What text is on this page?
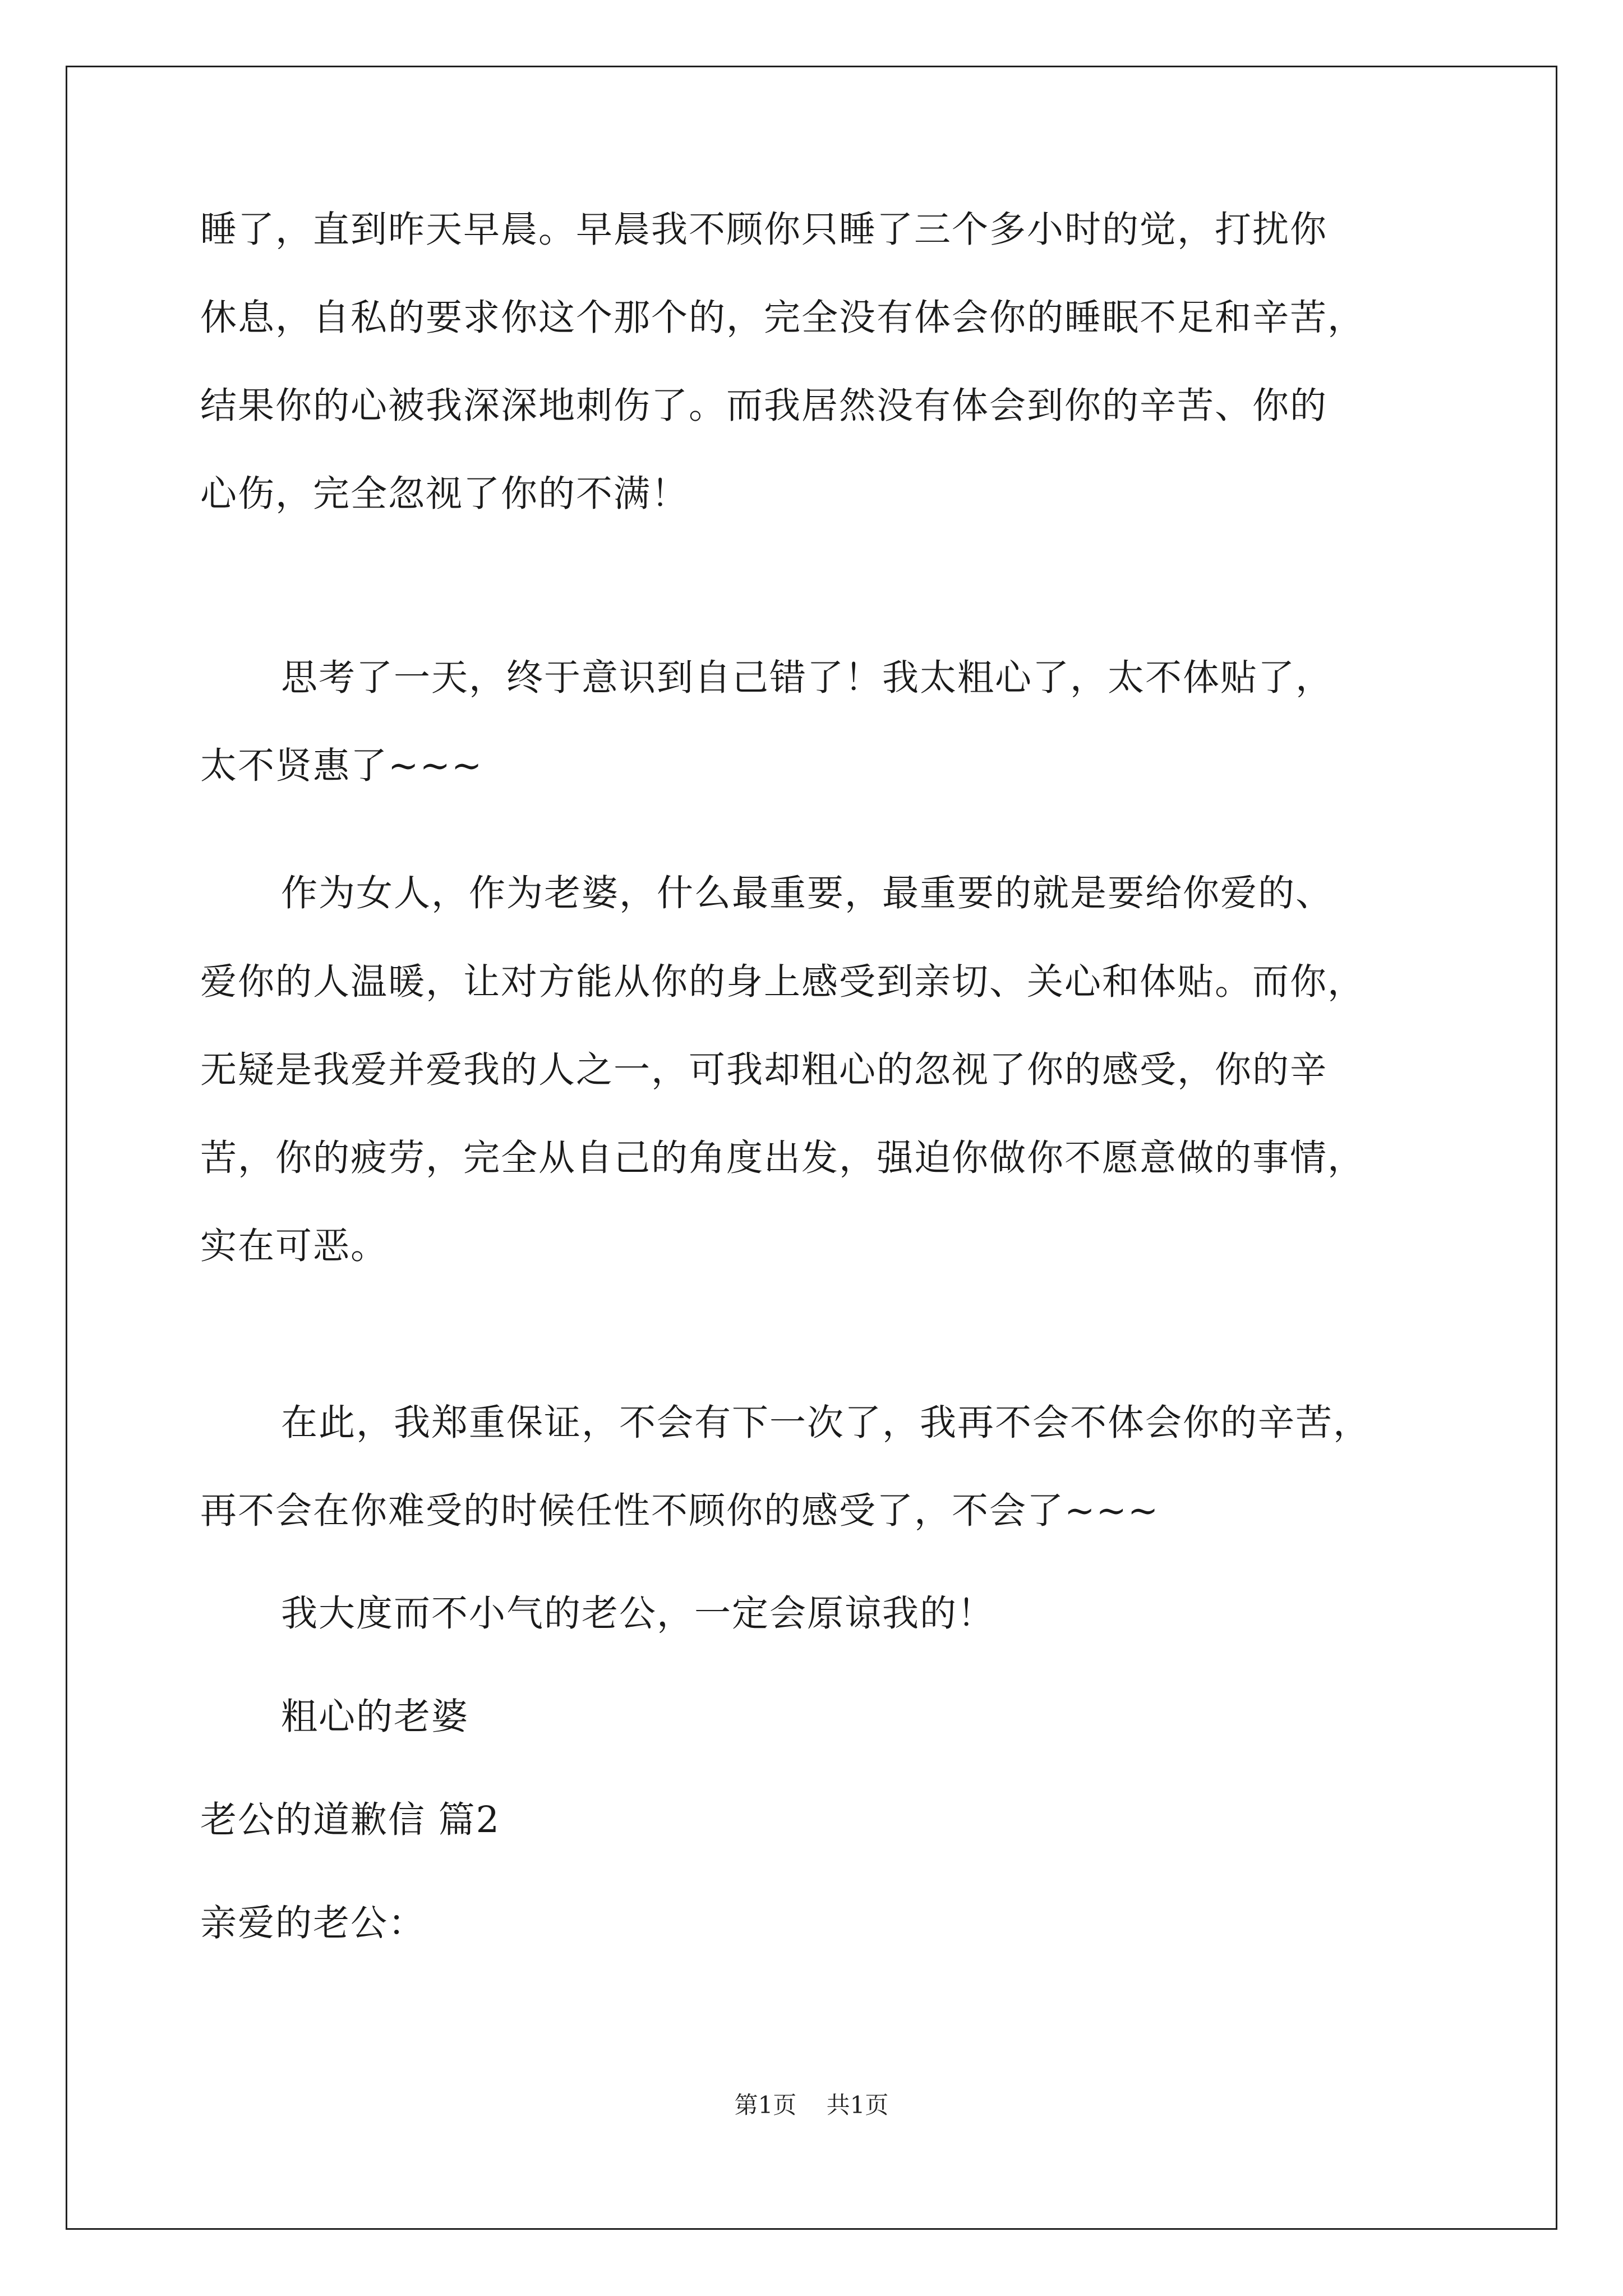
睡了，直到昨天早晨。早晨我不顾你只睡了三个多小时的觉，打扰你
休息，自私的要求你这个那个的，完全没有体会你的睡眠不足和辛苦，
结果你的心被我深深地刺伤了。而我居然没有体会到你的辛苦、你的
心伤，完全忽视了你的不满！
思考了一天，终于意识到自己错了！我太粗心了，太不体贴了，
太不贤惠了~~~
作为女人，作为老婆，什么最重要，最重要的就是要给你爱的、
爱你的人温暖，让对方能从你的身上感受到亲切、关心和体贴。而你，
无疑是我爱并爱我的人之一，可我却粗心的忽视了你的感受，你的辛
苦，你的疲劳，完全从自己的角度出发，强迫你做你不愿意做的事情，
实在可恶。
在此，我郑重保证，不会有下一次了，我再不会不体会你的辛苦，
再不会在你难受的时候任性不顾你的感受了，不会了~~~
我大度而不小气的老公，一定会原谅我的！
粗心的老婆
老公的道歉信 篇2
亲爱的老公：
第1页 共1页
